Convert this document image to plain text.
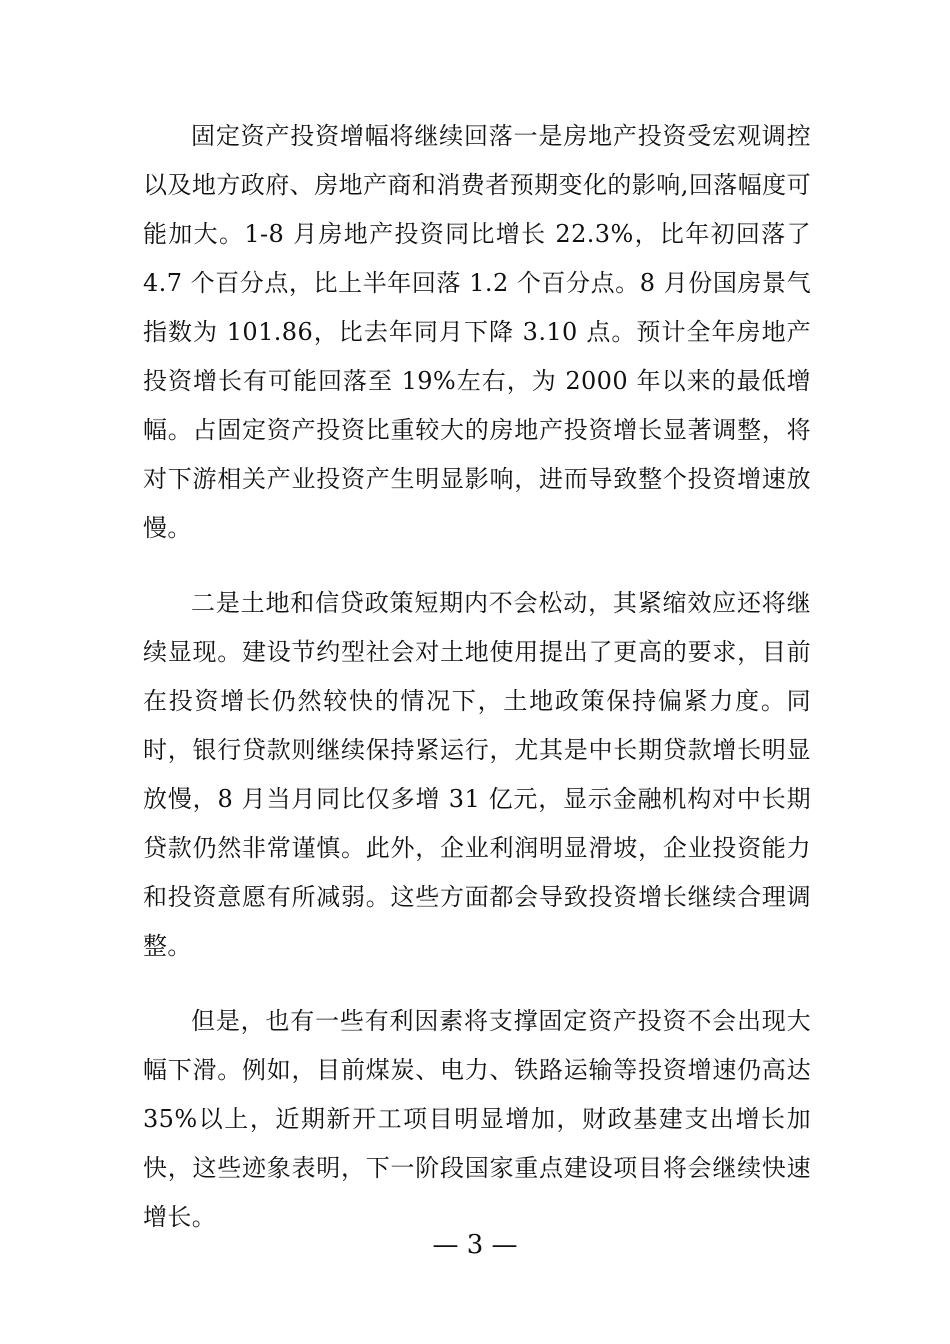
固定资产投资增幅将继续回落一是房地产投资受宏观调控以及地方政府、房地产商和消费者预期变化的影响,回落幅度可能加大。1-8 月房地产投资同比增长 22.3%，比年初回落了 4.7 个百分点，比上半年回落 1.2 个百分点。8 月份国房景气指数为 101.86，比去年同月下降 3.10 点。预计全年房地产投资增长有可能回落至 19%左右，为 2000 年以来的最低增幅。占固定资产投资比重较大的房地产投资增长显著调整，将对下游相关产业投资产生明显影响，进而导致整个投资增速放慢。

二是土地和信贷政策短期内不会松动，其紧缩效应还将继续显现。建设节约型社会对土地使用提出了更高的要求，目前在投资增长仍然较快的情况下，土地政策保持偏紧力度。同时，银行贷款则继续保持紧运行，尤其是中长期贷款增长明显放慢，8 月当月同比仅多增 31 亿元，显示金融机构对中长期贷款仍然非常谨慎。此外，企业利润明显滑坡，企业投资能力和投资意愿有所减弱。这些方面都会导致投资增长继续合理调整。

但是，也有一些有利因素将支撑固定资产投资不会出现大幅下滑。例如，目前煤炭、电力、铁路运输等投资增速仍高达 35%以上，近期新开工项目明显增加，财政基建支出增长加快，这些迹象表明，下一阶段国家重点建设项目将会继续快速增长。

— 3 —
